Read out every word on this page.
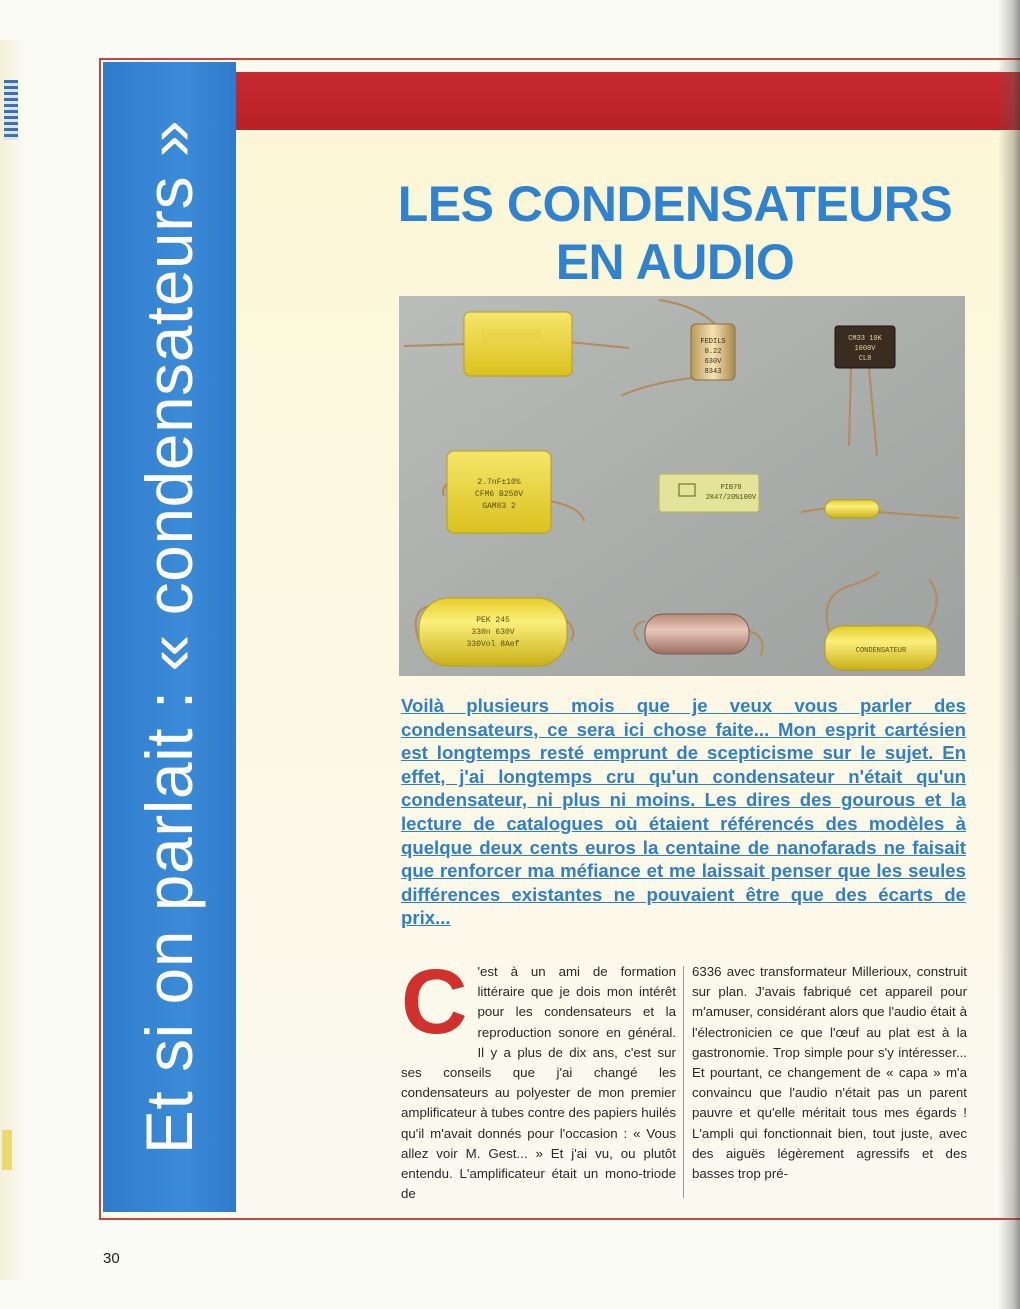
Et si on parlait : « condensateurs »	LES CONDENSATEURS
EN AUDIO
FEDILS
0.22
630V
8343
CM33 10K
1000V
CL8
2.7nF±10%
CFM6 B250V
GAM83 2
PIB78
2K47/20%100V
PEK 245
330n 630V
330Vol 8Aef
CONDENSATEUR
Voilà plusieurs mois que je veux vous parler des condensateurs, ce sera ici chose faite... Mon esprit cartésien est longtemps resté emprunt de scepticisme sur le sujet. En effet, j'ai longtemps cru qu'un condensateur n'était qu'un condensateur, ni plus ni moins. Les dires des gourous et la lecture de catalogues où étaient référencés des modèles à quelque deux cents euros la centaine de nanofarads ne faisait que renforcer ma méfiance et me laissait penser que les seules différences existantes ne pouvaient être que des écarts de prix...
C 'est à un ami de formation littéraire que je dois mon intérêt pour les condensateurs et la reproduction sonore en général. Il y a plus de dix ans, c'est sur ses conseils que j'ai changé les condensateurs au polyester de mon premier amplificateur à tubes contre des papiers huilés qu'il m'avait donnés pour l'occasion : « Vous allez voir M. Gest... » Et j'ai vu, ou plutôt entendu. L'amplificateur était un mono-triode de
6336 avec transformateur Millerioux, construit sur plan. J'avais fabriqué cet appareil pour m'amuser, considérant alors que l'audio était à l'électronicien ce que l'œuf au plat est à la gastronomie. Trop simple pour s'y intéresser... Et pourtant, ce changement de « capa » m'a convaincu que l'audio n'était pas un parent pauvre et qu'elle méritait tous mes égards ! L'ampli qui fonctionnait bien, tout juste, avec des aiguës légèrement agressifs et des basses trop pré-
30
